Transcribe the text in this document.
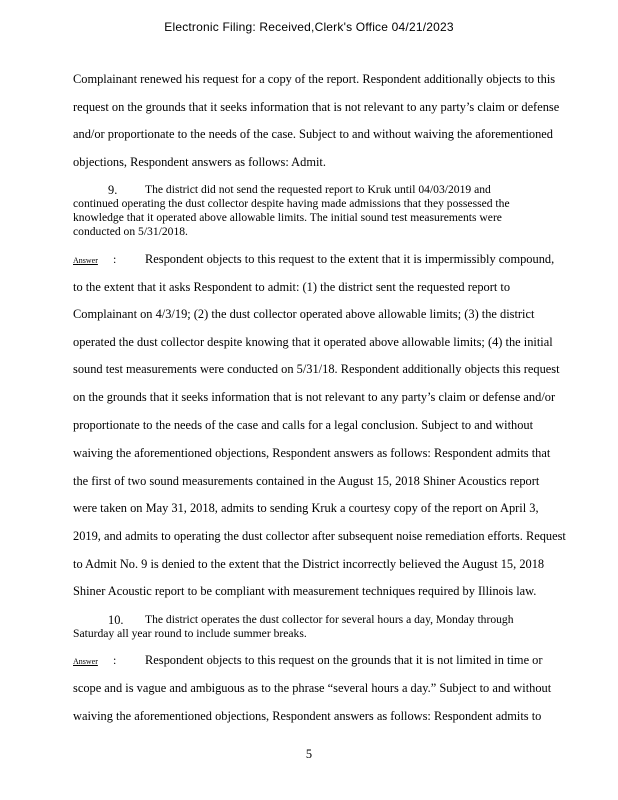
Electronic Filing: Received,Clerk's Office 04/21/2023
Complainant renewed his request for a copy of the report. Respondent additionally objects to this
request on the grounds that it seeks information that is not relevant to any party’s claim or defense
and/or proportionate to the needs of the case. Subject to and without waiving the aforementioned
objections, Respondent answers as follows: Admit.
9. The district did not send the requested report to Kruk until 04/03/2019 and
continued operating the dust collector despite having made admissions that they possessed the
knowledge that it operated above allowable limits. The initial sound test measurements were
conducted on 5/31/2018.
Answer : Respondent objects to this request to the extent that it is impermissibly compound,
to the extent that it asks Respondent to admit: (1) the district sent the requested report to
Complainant on 4/3/19; (2) the dust collector operated above allowable limits; (3) the district
operated the dust collector despite knowing that it operated above allowable limits; (4) the initial
sound test measurements were conducted on 5/31/18. Respondent additionally objects this request
on the grounds that it seeks information that is not relevant to any party’s claim or defense and/or
proportionate to the needs of the case and calls for a legal conclusion. Subject to and without
waiving the aforementioned objections, Respondent answers as follows: Respondent admits that
the first of two sound measurements contained in the August 15, 2018 Shiner Acoustics report
were taken on May 31, 2018, admits to sending Kruk a courtesy copy of the report on April 3,
2019, and admits to operating the dust collector after subsequent noise remediation efforts. Request
to Admit No. 9 is denied to the extent that the District incorrectly believed the August 15, 2018
Shiner Acoustic report to be compliant with measurement techniques required by Illinois law.
10. The district operates the dust collector for several hours a day, Monday through
Saturday all year round to include summer breaks.
Answer : Respondent objects to this request on the grounds that it is not limited in time or
scope and is vague and ambiguous as to the phrase “several hours a day.” Subject to and without
waiving the aforementioned objections, Respondent answers as follows: Respondent admits to
5
